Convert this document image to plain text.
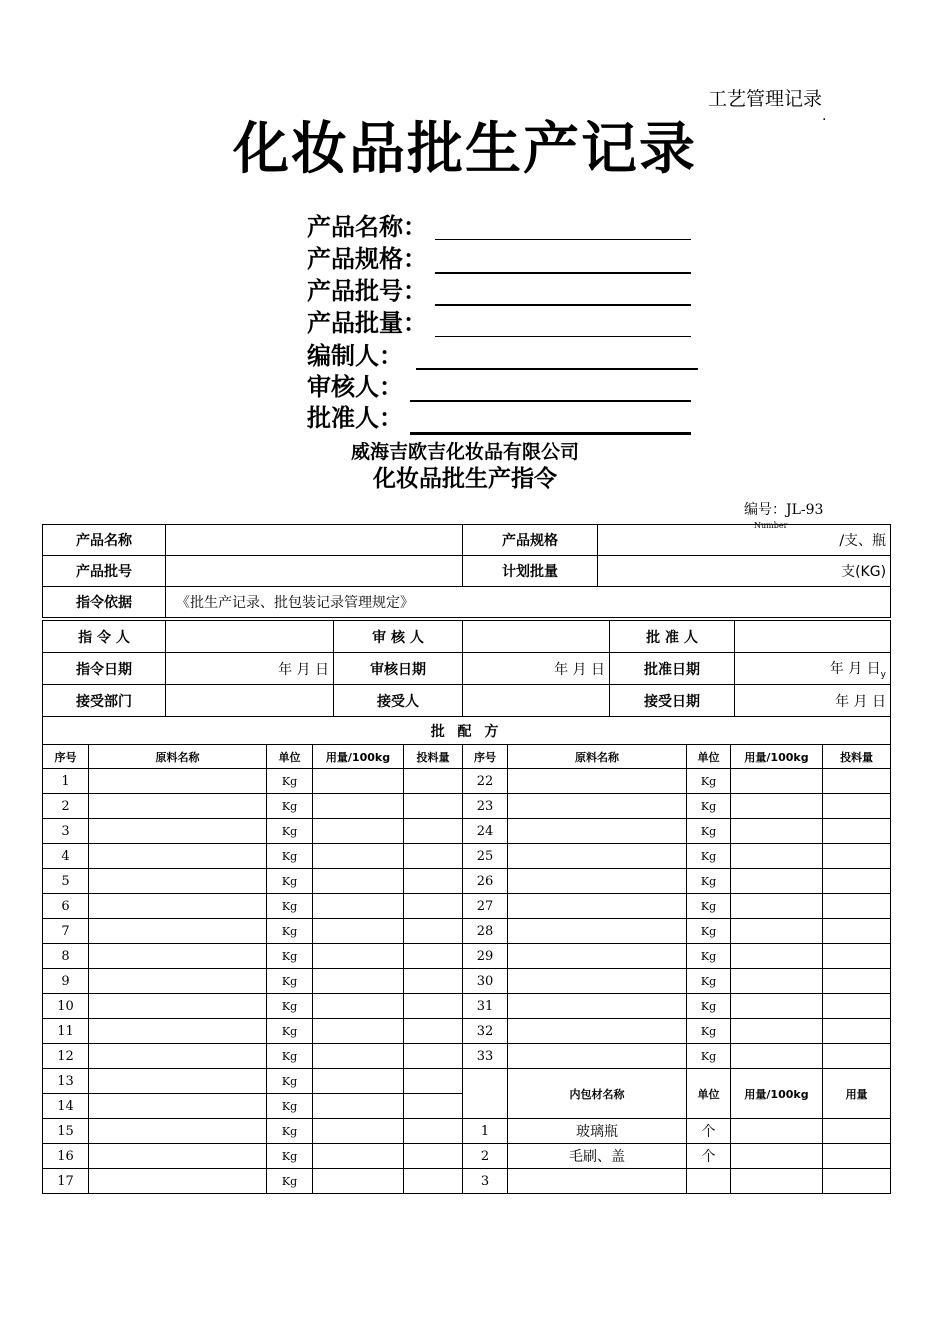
工艺管理记录
·
化妆品批生产记录
产品名称：
产品规格：
产品批号：
产品批量：
编制人：
审核人：
批准人：
威海吉欧吉化妆品有限公司
化妆品批生产指令
编号：JL-93
Number
产品名称		产品规格	/支、瓶
产品批号		计划批量	支(KG)
指令依据	《批生产记录、批包装记录管理规定》		
指 令 人		审 核 人		批 准 人	
指令日期	年 月 日	审核日期	年 月 日	批准日期	年 月 日$_y$
接受部门		接受人		接受日期	年 月 日
批 配 方									
序号	原料名称	单位	用量/100kg	投料量	序号	原料名称	单位	用量/100kg	投料量
1		Kg			22		Kg		
2		Kg			23		Kg		
3		Kg			24		Kg		
4		Kg			25		Kg		
5		Kg			26		Kg		
6		Kg			27		Kg		
7		Kg			28		Kg		
8		Kg			29		Kg		
9		Kg			30		Kg		
10		Kg			31		Kg		
11		Kg			32		Kg		
12		Kg			33		Kg		
13		Kg				内包材名称	单位	用量/100kg	用量
14		Kg							
15		Kg			1	玻璃瓶	个		
16		Kg			2	毛刷、盖	个		
17		Kg			3				
